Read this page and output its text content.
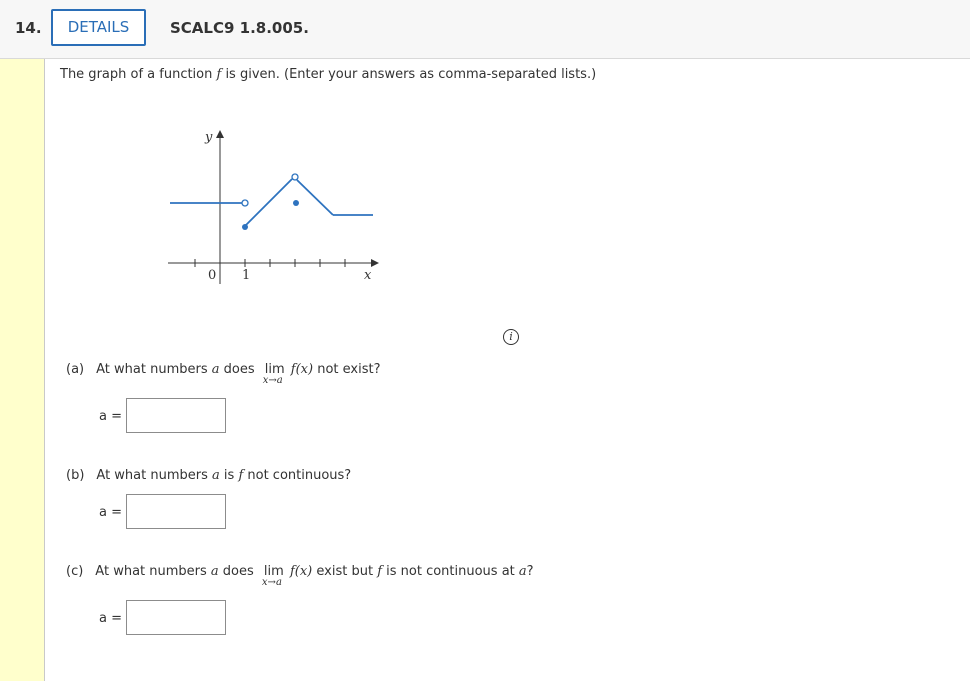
14.	DETAILS	SCALC9 1.8.005.
The graph of a function f is given. (Enter your answers as comma-separated lists.)
y
x
0 1
i
(a) At what numbers a does lim
x→a
f(x) not exist?
a =
(b) At what numbers a is f not continuous?
a =
(c) At what numbers a does lim
x→a
f(x) exist but f is not continuous at a?
a =
